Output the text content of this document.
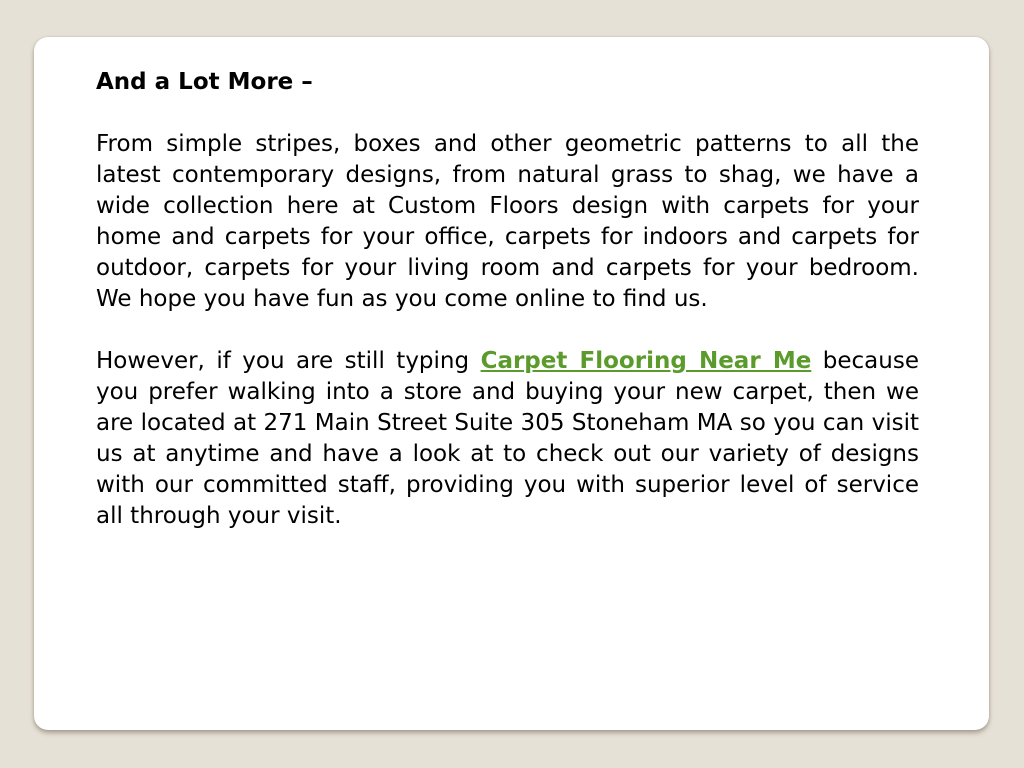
And a Lot More –

From simple stripes, boxes and other geometric patterns to all the latest contemporary designs, from natural grass to shag, we have a wide collection here at Custom Floors design with carpets for your home and carpets for your office, carpets for indoors and carpets for outdoor, carpets for your living room and carpets for your bedroom. We hope you have fun as you come online to find us.

However, if you are still typing Carpet Flooring Near Me because you prefer walking into a store and buying your new carpet, then we are located at 271 Main Street Suite 305 Stoneham MA so you can visit us at anytime and have a look at to check out our variety of designs with our committed staff, providing you with superior level of service all through your visit.
